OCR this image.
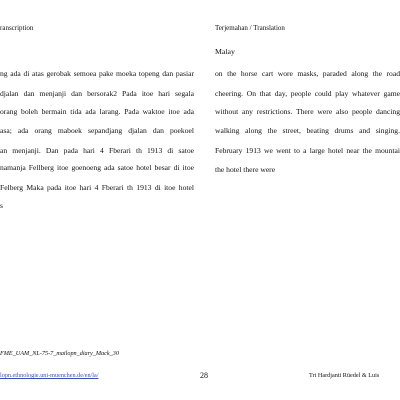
ranscription	Terjemahan / Translation
Malay
ng ada di atas gerobak semoea pake moeka topeng dan pasiar
djalan dan menjanji dan bersorak2 Pada itoe hari segala
orang boleh bermain tida ada larang. Pada waktoe itoe ada
asa; ada orang maboek sepandjang djalan dan poekoel
an menjanji. Dan pada hari 4 Fberari th 1913 di satoe
namanja Fellberg itoe goenoeng ada satoe hotel besar di itoe
Felberg Maka pada itoe hari 4 Fberari th 1913 di itoe hotel
s
on the horse cart wore masks, paraded along the road
cheering. On that day, people could play whatever game
without any restrictions. There were also people dancing
walking along the street, beating drums and singing.
February 1913 we went to a large hotel near the mountai
the hotel there were
FME_UAM_NL-75-7_mailopn_diary_Mack_30
lopn.ethnologie.uni-muenchen.de/en/la/	28	Tri Hardjanti Rüedel & Luis
